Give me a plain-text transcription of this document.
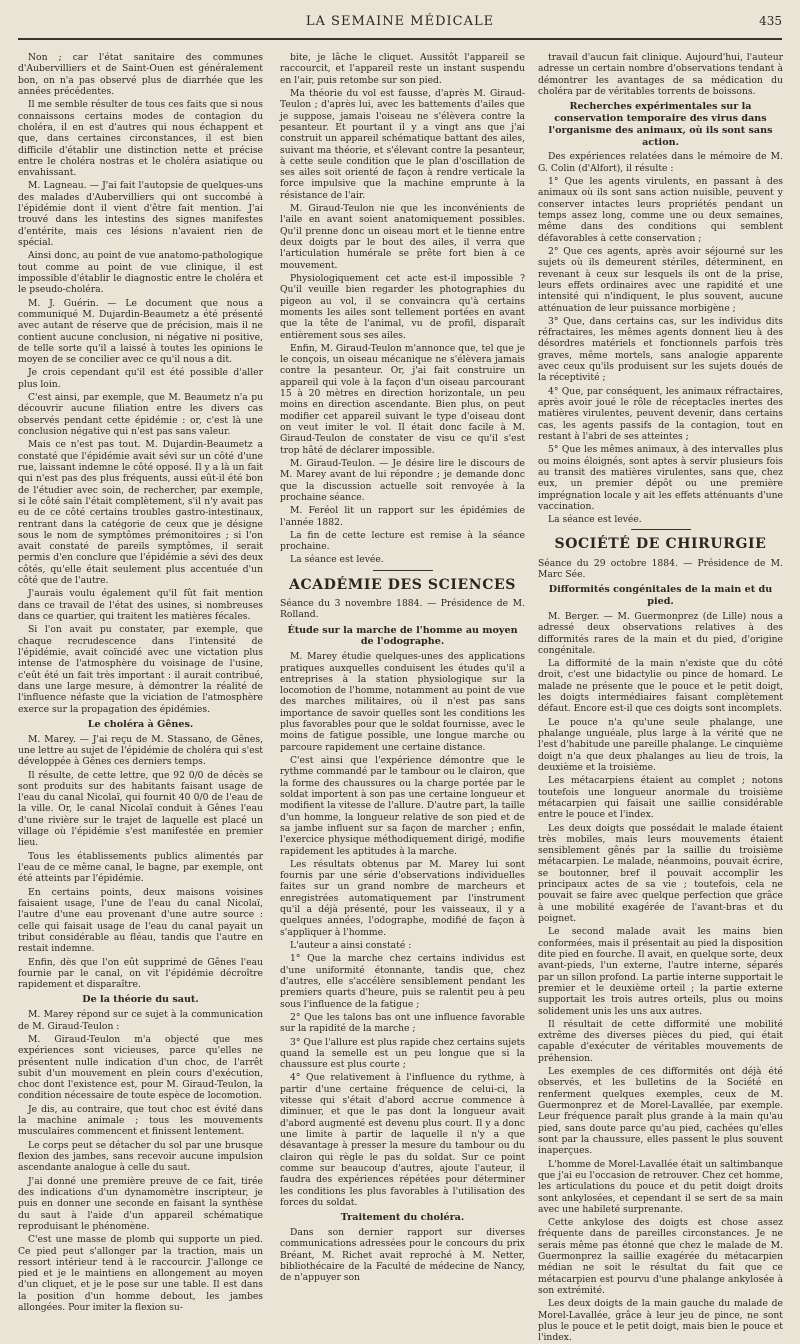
LA SEMAINE MÉDICALE	435

Non ; car l'état sanitaire des communes d'Aubervilliers et de Saint-Ouen est généralement bon, on n'a pas observé plus de diarrhée que les années précédentes.

Il me semble résulter de tous ces faits que si nous connaissons certains modes de contagion du choléra, il en est d'autres qui nous échappent et que, dans certaines circonstances, il est bien difficile d'établir une distinction nette et précise entre le choléra nostras et le choléra asiatique ou envahissant.

M. Lagneau. — J'ai fait l'autopsie de quelques-uns des malades d'Aubervilliers qui ont succombé à l'épidémie dont il vient d'être fait mention. J'ai trouvé dans les intestins des signes manifestes d'entérite, mais ces lésions n'avaient rien de spécial.

Ainsi donc, au point de vue anatomo-pathologique tout comme au point de vue clinique, il est impossible d'établir le diagnostic entre le choléra et le pseudo-choléra.

M. J. Guérin. — Le document que nous a communiqué M. Dujardin-Beaumetz a été présenté avec autant de réserve que de précision, mais il ne contient aucune conclusion, ni négative ni positive, de telle sorte qu'il a laissé à toutes les opinions le moyen de se concilier avec ce qu'il nous a dit.

Je crois cependant qu'il est été possible d'aller plus loin.

C'est ainsi, par exemple, que M. Beaumetz n'a pu découvrir aucune filiation entre les divers cas observés pendant cette épidémie : or, c'est là une conclusion négative qui n'est pas sans valeur.

Mais ce n'est pas tout. M. Dujardin-Beaumetz a constaté que l'épidémie avait sévi sur un côté d'une rue, laissant indemne le côté opposé. Il y a là un fait qui n'est pas des plus fréquents, aussi eût-il été bon de l'étudier avec soin, de rechercher, par exemple, si le côté sain l'était complètement, s'il n'y avait pas eu de ce côté certains troubles gastro-intestinaux, rentrant dans la catégorie de ceux que je désigne sous le nom de symptômes prémonitoires ; si l'on avait constaté de pareils symptômes, il serait permis d'en conclure que l'épidémie a sévi des deux côtés, qu'elle était seulement plus accentuée d'un côté que de l'autre.

J'aurais voulu également qu'il fût fait mention dans ce travail de l'état des usines, si nombreuses dans ce quartier, qui traitent les matières fécales.

Si l'on avait pu constater, par exemple, que chaque recrudescence dans l'intensité de l'épidémie, avait coïncidé avec une victation plus intense de l'atmosphère du voisinage de l'usine, c'eût été un fait très important : il aurait contribué, dans une large mesure, à démontrer la réalité de l'influence néfaste que la viciation de l'atmosphère exerce sur la propagation des épidémies.

Le choléra à Gênes.

M. Marey. — J'ai reçu de M. Stassano, de Gênes, une lettre au sujet de l'épidémie de choléra qui s'est développée à Gênes ces derniers temps.

Il résulte, de cette lettre, que 92 0/0 de décès se sont produits sur des habitants faisant usage de l'eau du canal Nicolaï, qui fournit 40 0/0 de l'eau de la ville. Or, le canal Nicolaï conduit à Gênes l'eau d'une rivière sur le trajet de laquelle est placé un village où l'épidémie s'est manifestée en premier lieu.

Tous les établissements publics alimentés par l'eau de ce même canal, le bagne, par exemple, ont été atteints par l'épidémie.

En certains points, deux maisons voisines faisaient usage, l'une de l'eau du canal Nicolaï, l'autre d'une eau provenant d'une autre source : celle qui faisait usage de l'eau du canal payait un tribut considérable au fléau, tandis que l'autre en restait indemne.

Enfin, dès que l'on eût supprimé de Gênes l'eau fournie par le canal, on vit l'épidémie décroître rapidement et disparaître.

De la théorie du saut.

M. Marey répond sur ce sujet à la communication de M. Giraud-Teulon :

M. Giraud-Teulon m'a objecté que mes expériences sont vicieuses, parce qu'elles ne présentent nulle indication d'un choc, de l'arrêt subit d'un mouvement en plein cours d'exécution, choc dont l'existence est, pour M. Giraud-Teulon, la condition nécessaire de toute espèce de locomotion.

Je dis, au contraire, que tout choc est évité dans la machine animale ; tous les mouvements musculaires commencent et finissent lentement.

Le corps peut se détacher du sol par une brusque flexion des jambes, sans recevoir aucune impulsion ascendante analogue à celle du saut.

J'ai donné une première preuve de ce fait, tirée des indications d'un dynamomètre inscripteur, je puis en donner une seconde en faisant la synthèse du saut à l'aide d'un appareil schématique reproduisant le phénomène.

C'est une masse de plomb qui supporte un pied. Ce pied peut s'allonger par la traction, mais un ressort intérieur tend à le raccourcir. J'allonge ce pied et je le maintiens en allongement au moyen d'un cliquet, et je le pose sur une table. Il est dans la position d'un homme debout, les jambes allongées. Pour imiter la flexion su-

bite, je lâche le cliquet. Aussitôt l'appareil se raccourcit, et l'appareil reste un instant suspendu en l'air, puis retombe sur son pied.

Ma théorie du vol est fausse, d'après M. Giraud-Teulon ; d'après lui, avec les battements d'ailes que je suppose, jamais l'oiseau ne s'élèvera contre la pesanteur. Et pourtant il y a vingt ans que j'ai construit un appareil schématique battant des ailes, suivant ma théorie, et s'élevant contre la pesanteur, à cette seule condition que le plan d'oscillation de ses ailes soit orienté de façon à rendre verticale la force impulsive que la machine emprunte à la résistance de l'air.

M. Giraud-Teulon nie que les inconvénients de l'aile en avant soient anatomiquement possibles. Qu'il prenne donc un oiseau mort et le tienne entre deux doigts par le bout des ailes, il verra que l'articulation humérale se prête fort bien à ce mouvement.

Physiologiquement cet acte est-il impossible ? Qu'il veuille bien regarder les photographies du pigeon au vol, il se convaincra qu'à certains moments les ailes sont tellement portées en avant que la tête de l'animal, vu de profil, disparaît entièrement sous ses ailes.

Enfin, M. Giraud-Teulon m'annonce que, tel que je le conçois, un oiseau mécanique ne s'élèvera jamais contre la pesanteur. Or, j'ai fait construire un appareil qui vole à la façon d'un oiseau parcourant 15 à 20 mètres en direction horizontale, un peu moins en direction ascendante. Bien plus, on peut modifier cet appareil suivant le type d'oiseau dont on veut imiter le vol. Il était donc facile à M. Giraud-Teulon de constater de visu ce qu'il s'est trop hâté de déclarer impossible.

M. Giraud-Teulon. — Je désire lire le discours de M. Marey avant de lui répondre ; je demande donc que la discussion actuelle soit renvoyée à la prochaine séance.

M. Feréol lit un rapport sur les épidémies de l'année 1882.

La fin de cette lecture est remise à la séance prochaine.

La séance est levée.

ACADÉMIE DES SCIENCES

Séance du 3 novembre 1884. — Présidence de M. Rolland.

Étude sur la marche de l'homme au moyen de l'odographe.

M. Marey étudie quelques-unes des applications pratiques auxquelles conduisent les études qu'il a entreprises à la station physiologique sur la locomotion de l'homme, notamment au point de vue des marches militaires, où il n'est pas sans importance de savoir quelles sont les conditions les plus favorables pour que le soldat fournisse, avec le moins de fatigue possible, une longue marche ou parcoure rapidement une certaine distance.

C'est ainsi que l'expérience démontre que le rythme commandé par le tambour ou le clairon, que la forme des chaussures ou la charge portée par le soldat importent à son pas une certaine longueur et modifient la vitesse de l'allure. D'autre part, la taille d'un homme, la longueur relative de son pied et de sa jambe influent sur sa façon de marcher ; enfin, l'exercice physique méthodiquement dirigé, modifie rapidement les aptitudes à la marche.

Les résultats obtenus par M. Marey lui sont fournis par une série d'observations individuelles faites sur un grand nombre de marcheurs et enregistrées automatiquement par l'instrument qu'il a déjà présenté, pour les vaisseaux, il y a quelques années, l'odographe, modifié de façon à s'appliquer à l'homme.

L'auteur a ainsi constaté :

1° Que la marche chez certains individus est d'une uniformité étonnante, tandis que, chez d'autres, elle s'accélère sensiblement pendant les premiers quarts d'heure, puis se ralentit peu à peu sous l'influence de la fatigue ;

2° Que les talons bas ont une influence favorable sur la rapidité de la marche ;

3° Que l'allure est plus rapide chez certains sujets quand la semelle est un peu longue que si la chaussure est plus courte ;

4° Que relativement à l'influence du rythme, à partir d'une certaine fréquence de celui-ci, la vitesse qui s'était d'abord accrue commence à diminuer, et que le pas dont la longueur avait d'abord augmenté est devenu plus court. Il y a donc une limite à partir de laquelle il n'y a que désavantage à presser la mesure du tambour ou du clairon qui règle le pas du soldat. Sur ce point comme sur beaucoup d'autres, ajoute l'auteur, il faudra des expériences répétées pour déterminer les conditions les plus favorables à l'utilisation des forces du soldat.

Traitement du choléra.

Dans son dernier rapport sur diverses communications adressées pour le concours du prix Bréant, M. Richet avait reproché à M. Netter, bibliothécaire de la Faculté de médecine de Nancy, de n'appuyer son

travail d'aucun fait clinique. Aujourd'hui, l'auteur adresse un certain nombre d'observations tendant à démontrer les avantages de sa médication du choléra par de véritables torrents de boissons.

Recherches expérimentales sur la conservation temporaire des virus dans l'organisme des animaux, où ils sont sans action.

Des expériences relatées dans le mémoire de M. G. Colin (d'Alfort), il résulte :

1° Que les agents virulents, en passant à des animaux où ils sont sans action nuisible, peuvent y conserver intactes leurs propriétés pendant un temps assez long, comme une ou deux semaines, même dans des conditions qui semblent défavorables à cette conservation ;

2° Que ces agents, après avoir séjourné sur les sujets où ils demeurent stériles, déterminent, en revenant à ceux sur lesquels ils ont de la prise, leurs effets ordinaires avec une rapidité et une intensité qui n'indiquent, le plus souvent, aucune atténuation de leur puissance morbigène ;

3° Que, dans certains cas, sur les individus dits réfractaires, les mêmes agents donnent lieu à des désordres matériels et fonctionnels parfois très graves, même mortels, sans analogie apparente avec ceux qu'ils produisent sur les sujets doués de la réceptivité ;

4° Que, par conséquent, les animaux réfractaires, après avoir joué le rôle de réceptacles inertes des matières virulentes, peuvent devenir, dans certains cas, les agents passifs de la contagion, tout en restant à l'abri de ses atteintes ;

5° Que les mêmes animaux, à des intervalles plus ou moins éloignés, sont aptes à servir plusieurs fois au transit des matières virulentes, sans que, chez eux, un premier dépôt ou une première imprégnation locale y ait les effets atténuants d'une vaccination.

La séance est levée.

SOCIÉTÉ DE CHIRURGIE

Séance du 29 octobre 1884. — Présidence de M. Marc Sée.

Difformités congénitales de la main et du pied.

M. Berger. — M. Guermonprez (de Lille) nous a adressé deux observations relatives à des difformités rares de la main et du pied, d'origine congénitale.

La difformité de la main n'existe que du côté droit, c'est une bidactylie ou pince de homard. Le malade ne présente que le pouce et le petit doigt, les doigts intermédiaires faisant complètement défaut. Encore est-il que ces doigts sont incomplets.

Le pouce n'a qu'une seule phalange, une phalange unguéale, plus large à la vérité que ne l'est d'habitude une pareille phalange. Le cinquième doigt n'a que deux phalanges au lieu de trois, la deuxième et la troisième.

Les métacarpiens étaient au complet ; notons toutefois une longueur anormale du troisième métacarpien qui faisait une saillie considérable entre le pouce et l'index.

Les deux doigts que possédait le malade étaient très mobiles, mais leurs mouvements étaient sensiblement gênés par la saillie du troisième métacarpien. Le malade, néanmoins, pouvait écrire, se boutonner, bref il pouvait accomplir les principaux actes de sa vie ; toutefois, cela ne pouvait se faire avec quelque perfection que grâce à une mobilité exagérée de l'avant-bras et du poignet.

Le second malade avait les mains bien conformées, mais il présentait au pied la disposition dite pied en fourche. Il avait, en quelque sorte, deux avant-pieds, l'un externe, l'autre interne, séparés par un sillon profond. La partie interne supportait le premier et le deuxième orteil ; la partie externe supportait les trois autres orteils, plus ou moins solidement unis les uns aux autres.

Il résultait de cette difformité une mobilité extrême des diverses pièces du pied, qui était capable d'exécuter de véritables mouvements de préhension.

Les exemples de ces difformités ont déjà été observés, et les bulletins de la Société en renferment quelques exemples, ceux de M. Guermonprez et de Morel-Lavallée, par exemple. Leur fréquence paraît plus grande à la main qu'au pied, sans doute parce qu'au pied, cachées qu'elles sont par la chaussure, elles passent le plus souvent inaperçues.

L'homme de Morel-Lavallée était un saltimbanque que j'ai eu l'occasion de retrouver. Chez cet homme, les articulations du pouce et du petit doigt droits sont ankylosées, et cependant il se sert de sa main avec une habileté surprenante.

Cette ankylose des doigts est chose assez fréquente dans de pareilles circonstances. Je ne serais même pas étonné que chez le malade de M. Guermonprez la saillie exagérée du métacarpien médian ne soit le résultat du fait que ce métacarpien est pourvu d'une phalange ankylosée à son extrémité.

Les deux doigts de la main gauche du malade de Morel-Lavallée, grâce à leur jeu de pince, ne sont plus le pouce et le petit doigt, mais bien le pouce et l'index.
